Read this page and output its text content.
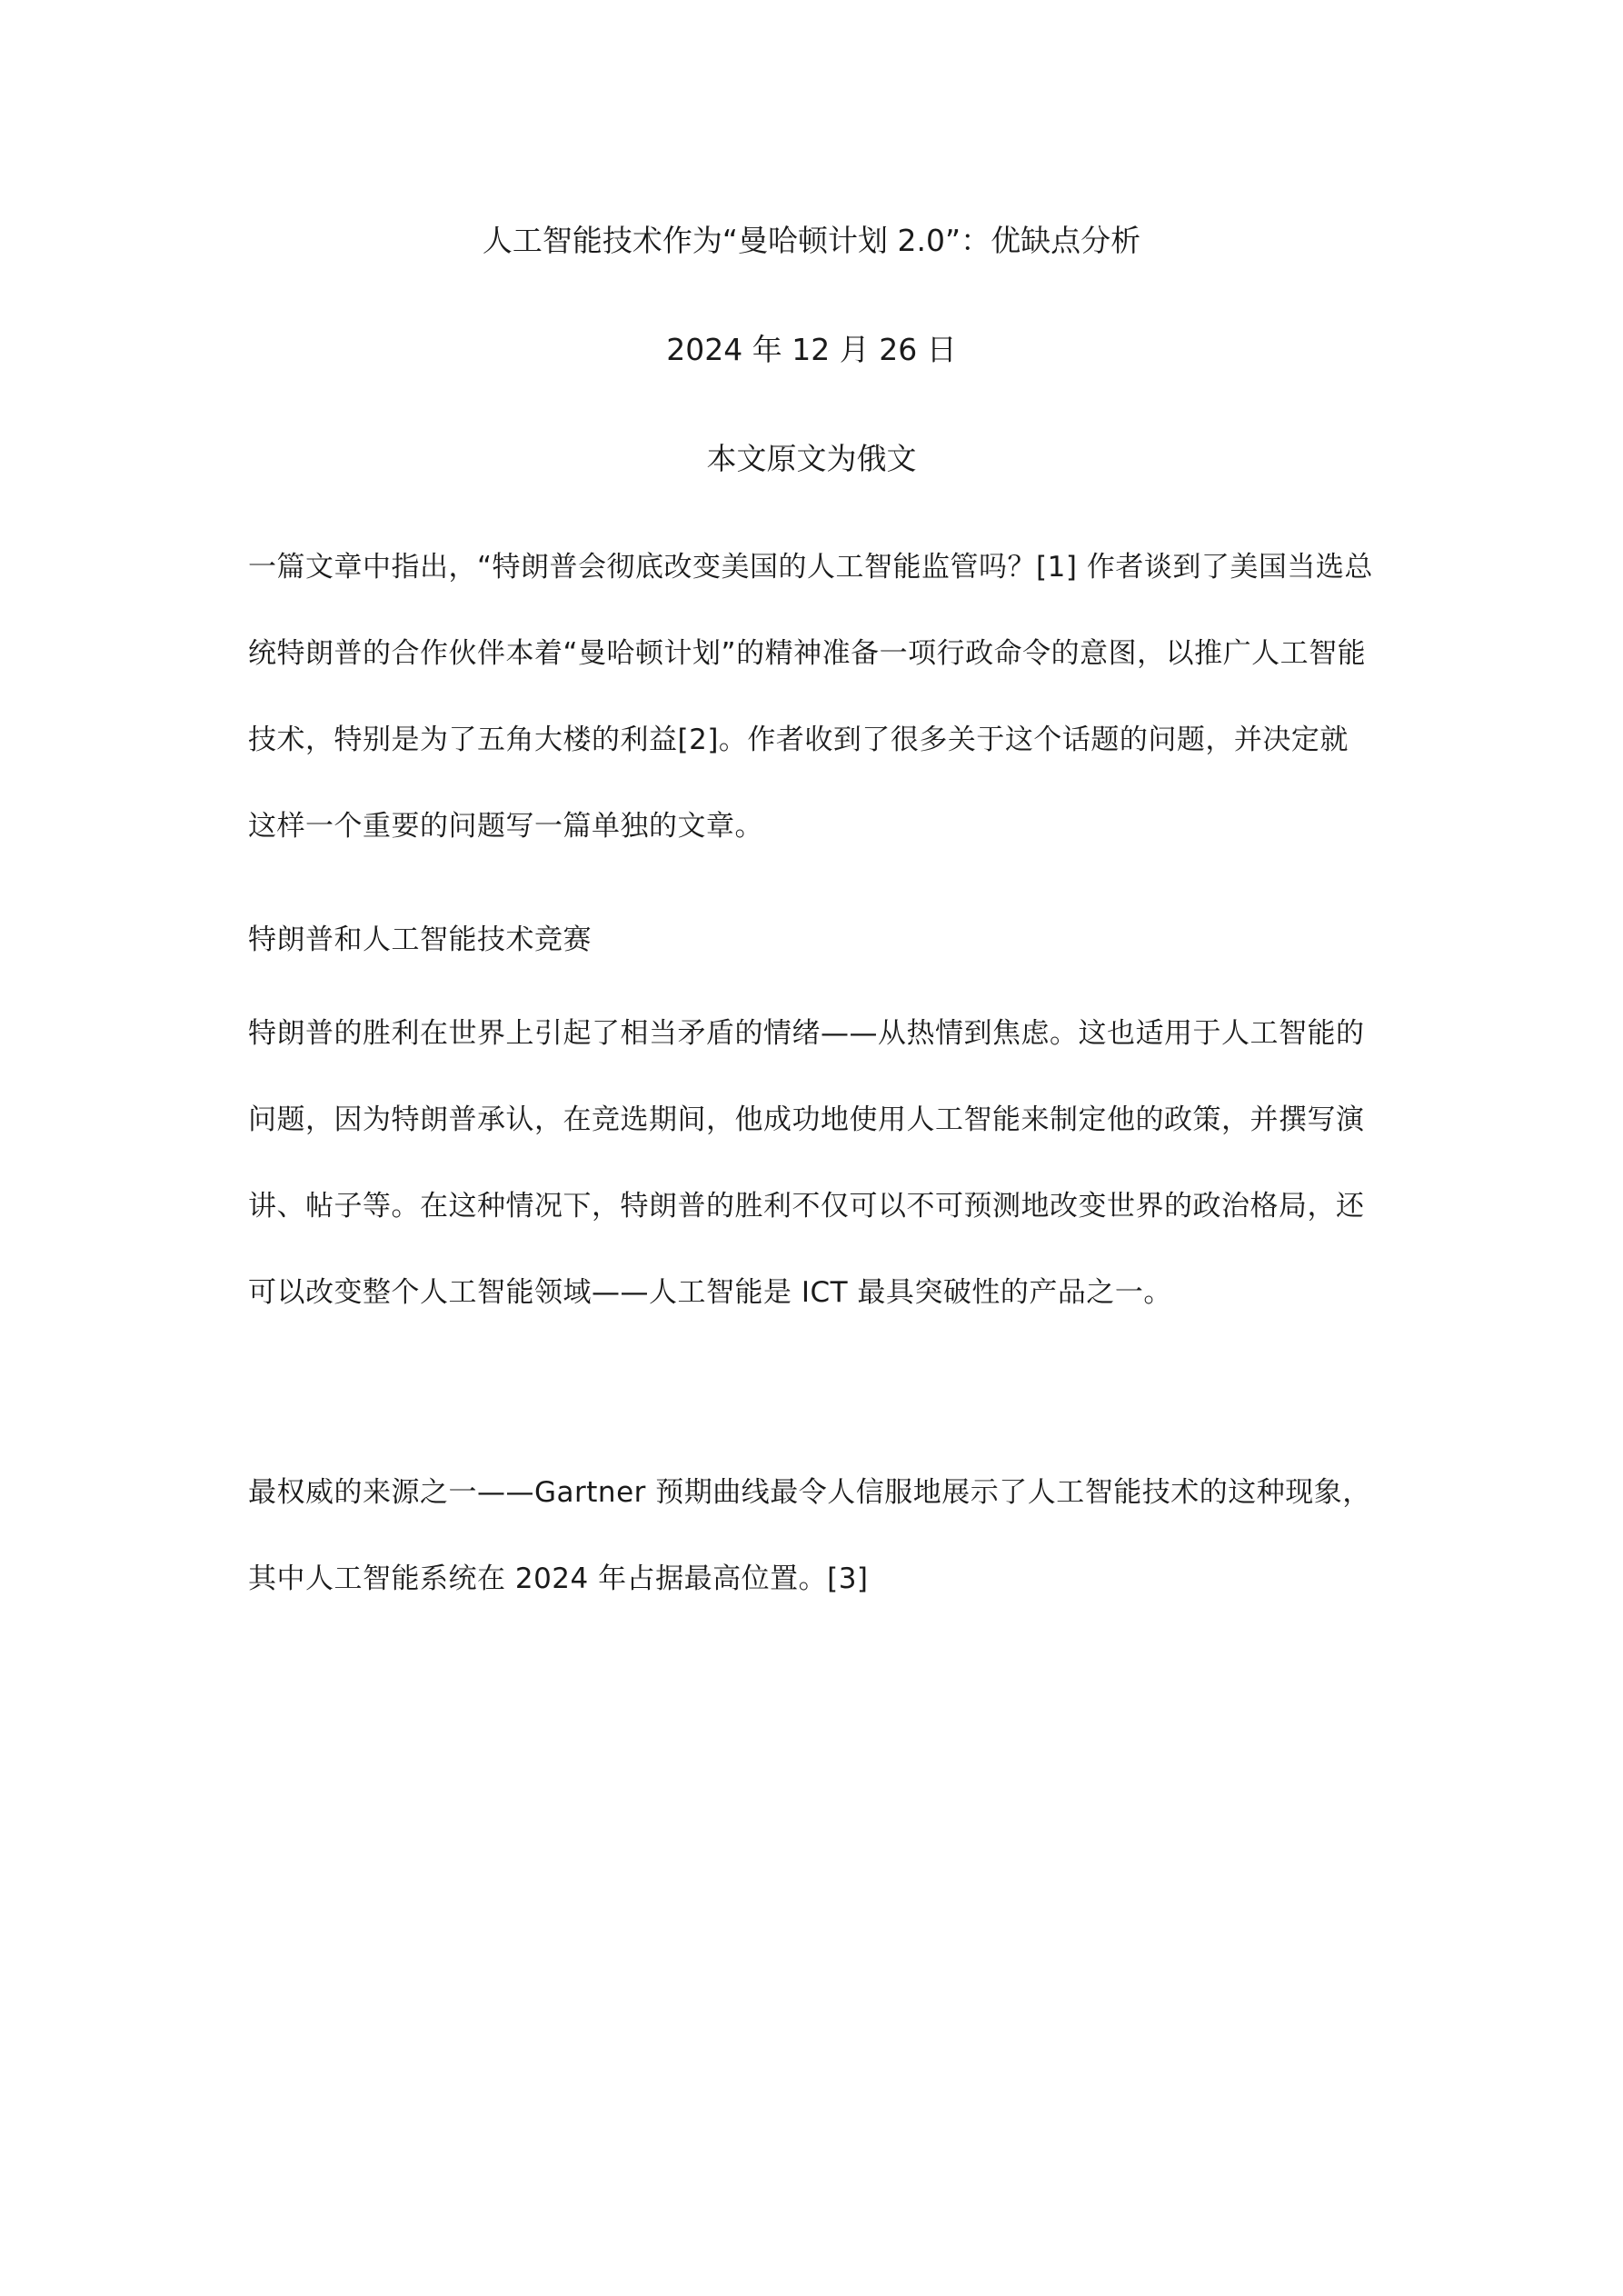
人工智能技术作为“曼哈顿计划 2.0”：优缺点分析
2024 年 12 月 26 日
本文原文为俄文

一篇文章中指出，“特朗普会彻底改变美国的人工智能监管吗？[1] 作者谈到了美国当选总统特朗普的合作伙伴本着“曼哈顿计划”的精神准备一项行政命令的意图，以推广人工智能技术，特别是为了五角大楼的利益[2]。作者收到了很多关于这个话题的问题，并决定就这样一个重要的问题写一篇单独的文章。

特朗普和人工智能技术竞赛

特朗普的胜利在世界上引起了相当矛盾的情绪——从热情到焦虑。这也适用于人工智能的问题，因为特朗普承认，在竞选期间，他成功地使用人工智能来制定他的政策，并撰写演讲、帖子等。在这种情况下，特朗普的胜利不仅可以不可预测地改变世界的政治格局，还可以改变整个人工智能领域——人工智能是 ICT 最具突破性的产品之一。

最权威的来源之一——Gartner 预期曲线最令人信服地展示了人工智能技术的这种现象，其中人工智能系统在 2024 年占据最高位置。[3]
